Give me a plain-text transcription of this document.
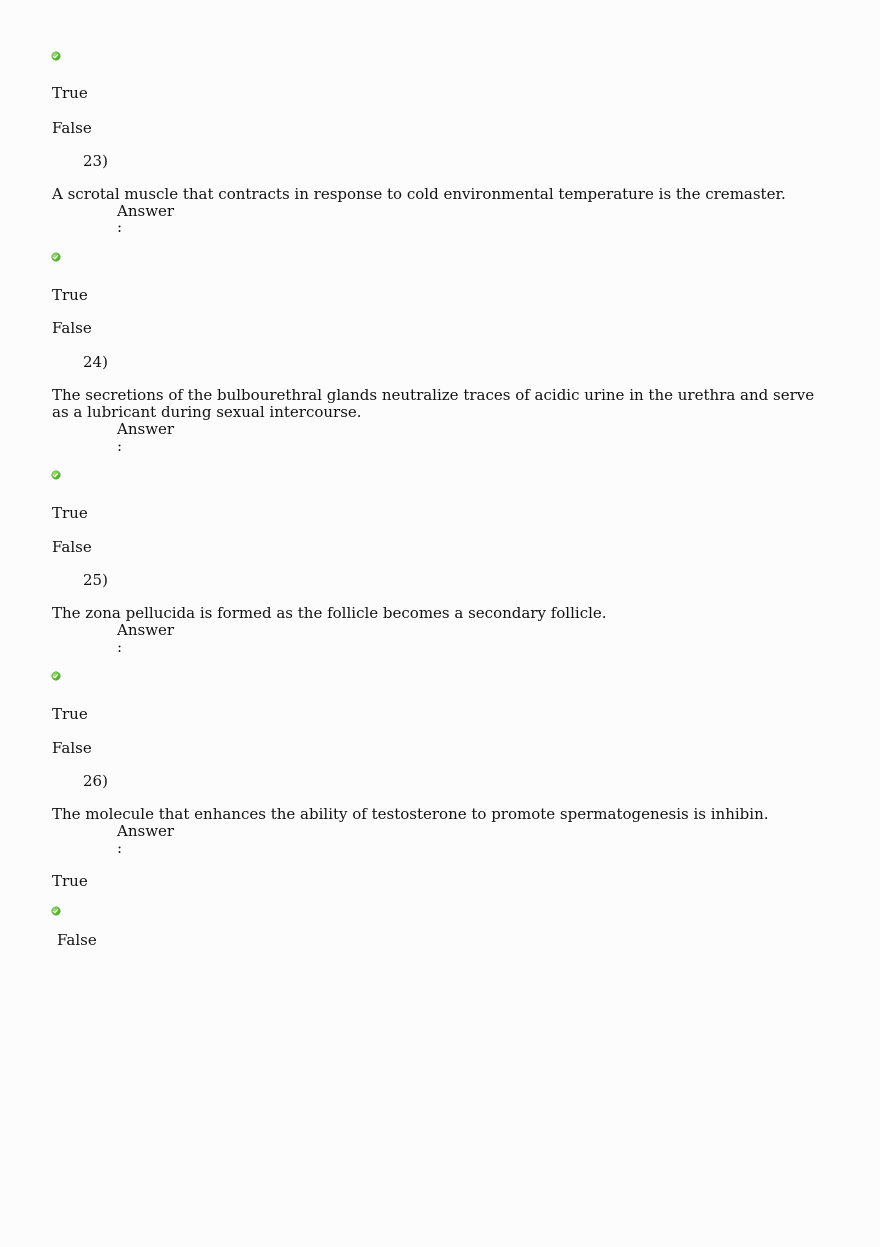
True
False
23)
A scrotal muscle that contracts in response to cold environmental temperature is the cremaster.
Answer
:
True
False
24)
The secretions of the bulbourethral glands neutralize traces of acidic urine in the urethra and serve as a lubricant during sexual intercourse.
Answer
:
True
False
25)
The zona pellucida is formed as the follicle becomes a secondary follicle.
Answer
:
True
False
26)
The molecule that enhances the ability of testosterone to promote spermatogenesis is inhibin.
Answer
:
True
False
